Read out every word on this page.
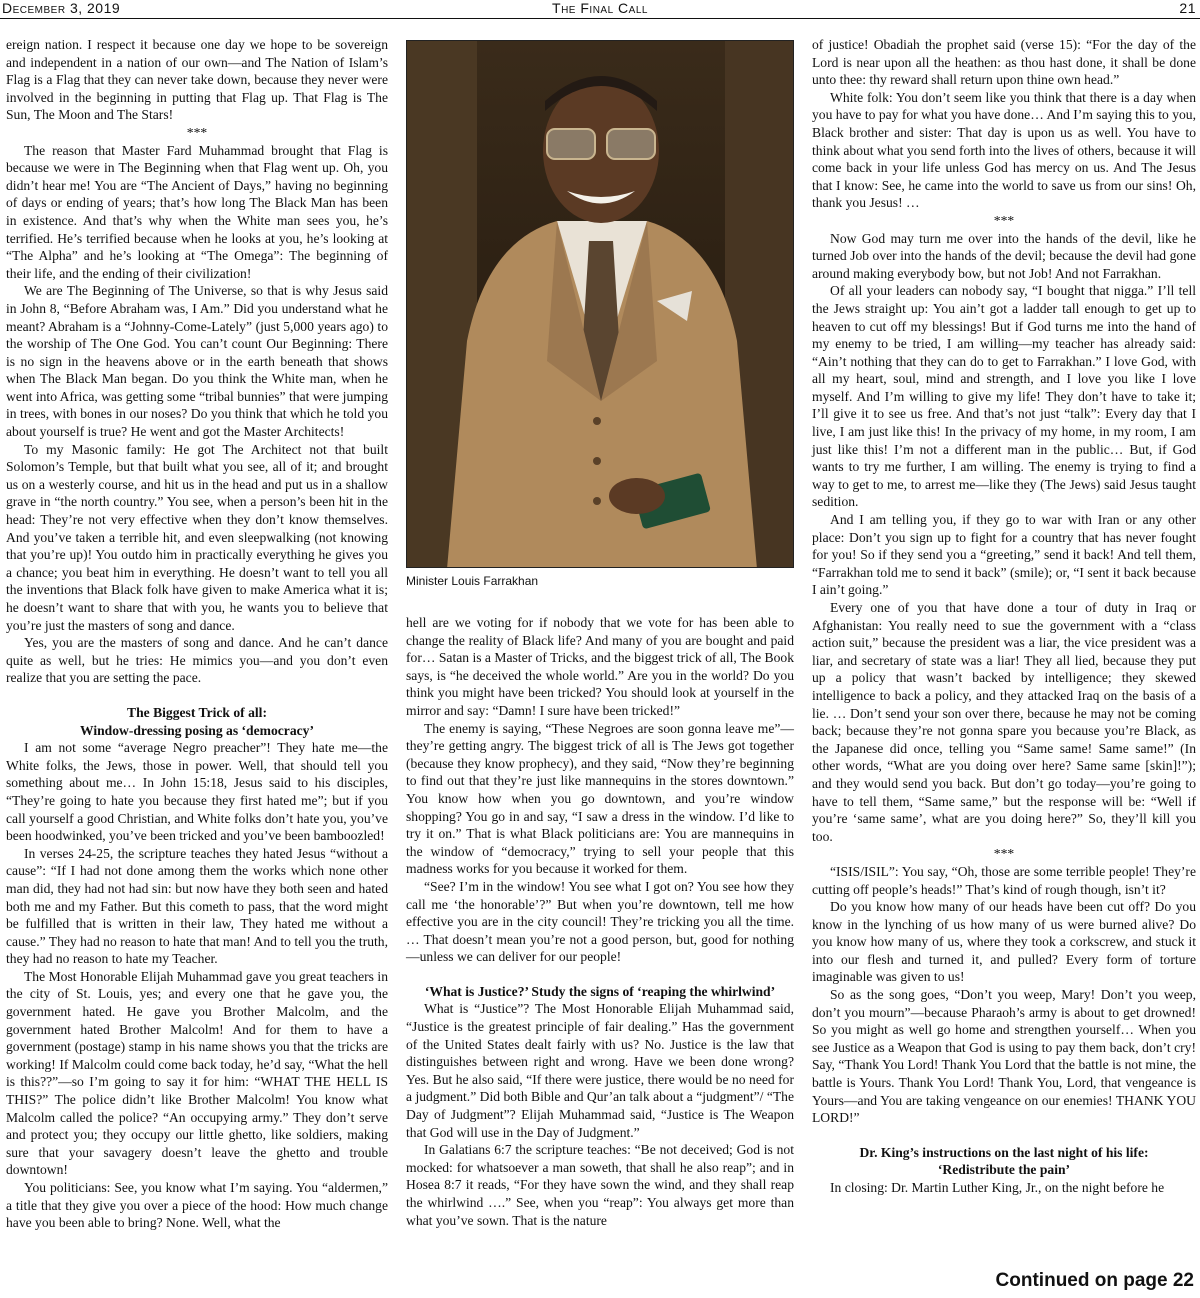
December 3, 2019	The Final Call	21

ereign nation. I respect it because one day we hope to be sovereign and independent in a nation of our own—and The Nation of Islam’s Flag is a Flag that they can never take down, because they never were involved in the beginning in putting that Flag up. That Flag is The Sun, The Moon and The Stars!

***

The reason that Master Fard Muhammad brought that Flag is because we were in The Beginning when that Flag went up. Oh, you didn’t hear me! You are “The Ancient of Days,” having no beginning of days or ending of years; that’s how long The Black Man has been in existence. And that’s why when the White man sees you, he’s terrified. He’s terrified because when he looks at you, he’s looking at “The Alpha” and he’s looking at “The Omega”: The beginning of their life, and the ending of their civilization!

We are The Beginning of The Universe, so that is why Jesus said in John 8, “Before Abraham was, I Am.” Did you understand what he meant? Abraham is a “Johnny-Come-Lately” (just 5,000 years ago) to the worship of The One God. You can’t count Our Beginning: There is no sign in the heavens above or in the earth beneath that shows when The Black Man began. Do you think the White man, when he went into Africa, was getting some “tribal bunnies” that were jumping in trees, with bones in our noses? Do you think that which he told you about yourself is true? He went and got the Master Architects!

To my Masonic family: He got The Architect not that built Solomon’s Temple, but that built what you see, all of it; and brought us on a westerly course, and hit us in the head and put us in a shallow grave in “the north country.” You see, when a person’s been hit in the head: They’re not very effective when they don’t know themselves. And you’ve taken a terrible hit, and even sleepwalking (not knowing that you’re up)! You outdo him in practically everything he gives you a chance; you beat him in everything. He doesn’t want to tell you all the inventions that Black folk have given to make America what it is; he doesn’t want to share that with you, he wants you to believe that you’re just the masters of song and dance.

Yes, you are the masters of song and dance. And he can’t dance quite as well, but he tries: He mimics you—and you don’t even realize that you are setting the pace.

The Biggest Trick of all:

Window-dressing posing as ‘democracy’

I am not some “average Negro preacher”! They hate me—the White folks, the Jews, those in power. Well, that should tell you something about me… In John 15:18, Jesus said to his disciples, “They’re going to hate you because they first hated me”; but if you call yourself a good Christian, and White folks don’t hate you, you’ve been hoodwinked, you’ve been tricked and you’ve been bamboozled!

In verses 24-25, the scripture teaches they hated Jesus “without a cause”: “If I had not done among them the works which none other man did, they had not had sin: but now have they both seen and hated both me and my Father. But this cometh to pass, that the word might be fulfilled that is written in their law, They hated me without a cause.” They had no reason to hate that man! And to tell you the truth, they had no reason to hate my Teacher.

The Most Honorable Elijah Muhammad gave you great teachers in the city of St. Louis, yes; and every one that he gave you, the government hated. He gave you Brother Malcolm, and the government hated Brother Malcolm! And for them to have a government (postage) stamp in his name shows you that the tricks are working! If Malcolm could come back today, he’d say, “What the hell is this??”—so I’m going to say it for him: “WHAT THE HELL IS THIS?” The police didn’t like Brother Malcolm! You know what Malcolm called the police? “An occupying army.” They don’t serve and protect you; they occupy our little ghetto, like soldiers, making sure that your savagery doesn’t leave the ghetto and trouble downtown!

You politicians: See, you know what I’m saying. You “aldermen,” a title that they give you over a piece of the hood: How much change have you been able to bring? None. Well, what the

Minister Louis Farrakhan

hell are we voting for if nobody that we vote for has been able to change the reality of Black life? And many of you are bought and paid for… Satan is a Master of Tricks, and the biggest trick of all, The Book says, is “he deceived the whole world.” Are you in the world? Do you think you might have been tricked? You should look at yourself in the mirror and say: “Damn! I sure have been tricked!”

The enemy is saying, “These Negroes are soon gonna leave me”—they’re getting angry. The biggest trick of all is The Jews got together (because they know prophecy), and they said, “Now they’re beginning to find out that they’re just like mannequins in the stores downtown.” You know how when you go downtown, and you’re window shopping? You go in and say, “I saw a dress in the window. I’d like to try it on.” That is what Black politicians are: You are mannequins in the window of “democracy,” trying to sell your people that this madness works for you because it worked for them.

“See? I’m in the window! You see what I got on? You see how they call me ‘the honorable’?” But when you’re downtown, tell me how effective you are in the city council! They’re tricking you all the time. … That doesn’t mean you’re not a good person, but, good for nothing—unless we can deliver for our people!

‘What is Justice?’ Study the signs of ‘reaping the whirlwind’

What is “Justice”? The Most Honorable Elijah Muhammad said, “Justice is the greatest principle of fair dealing.” Has the government of the United States dealt fairly with us? No. Justice is the law that distinguishes between right and wrong. Have we been done wrong? Yes. But he also said, “If there were justice, there would be no need for a judgment.” Did both Bible and Qur’an talk about a “judgment”/ “The Day of Judgment”? Elijah Muhammad said, “Justice is The Weapon that God will use in the Day of Judgment.”

In Galatians 6:7 the scripture teaches: “Be not deceived; God is not mocked: for whatsoever a man soweth, that shall he also reap”; and in Hosea 8:7 it reads, “For they have sown the wind, and they shall reap the whirlwind ….” See, when you “reap”: You always get more than what you’ve sown. That is the nature

of justice! Obadiah the prophet said (verse 15): “For the day of the Lord is near upon all the heathen: as thou hast done, it shall be done unto thee: thy reward shall return upon thine own head.”

White folk: You don’t seem like you think that there is a day when you have to pay for what you have done… And I’m saying this to you, Black brother and sister: That day is upon us as well. You have to think about what you send forth into the lives of others, because it will come back in your life unless God has mercy on us. And The Jesus that I know: See, he came into the world to save us from our sins! Oh, thank you Jesus! …

***

Now God may turn me over into the hands of the devil, like he turned Job over into the hands of the devil; because the devil had gone around making everybody bow, but not Job! And not Farrakhan.

Of all your leaders can nobody say, “I bought that nigga.” I’ll tell the Jews straight up: You ain’t got a ladder tall enough to get up to heaven to cut off my blessings! But if God turns me into the hand of my enemy to be tried, I am willing—my teacher has already said: “Ain’t nothing that they can do to get to Farrakhan.” I love God, with all my heart, soul, mind and strength, and I love you like I love myself. And I’m willing to give my life! They don’t have to take it; I’ll give it to see us free. And that’s not just “talk”: Every day that I live, I am just like this! In the privacy of my home, in my room, I am just like this! I’m not a different man in the public… But, if God wants to try me further, I am willing. The enemy is trying to find a way to get to me, to arrest me—like they (The Jews) said Jesus taught sedition.

And I am telling you, if they go to war with Iran or any other place: Don’t you sign up to fight for a country that has never fought for you! So if they send you a “greeting,” send it back! And tell them, “Farrakhan told me to send it back” (smile); or, “I sent it back because I ain’t going.”

Every one of you that have done a tour of duty in Iraq or Afghanistan: You really need to sue the government with a “class action suit,” because the president was a liar, the vice president was a liar, and secretary of state was a liar! They all lied, because they put up a policy that wasn’t backed by intelligence; they skewed intelligence to back a policy, and they attacked Iraq on the basis of a lie. … Don’t send your son over there, because he may not be coming back; because they’re not gonna spare you because you’re Black, as the Japanese did once, telling you “Same same! Same same!” (In other words, “What are you doing over here? Same same [skin]!”); and they would send you back. But don’t go today—you’re going to have to tell them, “Same same,” but the response will be: “Well if you’re ‘same same’, what are you doing here?” So, they’ll kill you too.

***

“ISIS/ISIL”: You say, “Oh, those are some terrible people! They’re cutting off people’s heads!” That’s kind of rough though, isn’t it?

Do you know how many of our heads have been cut off? Do you know in the lynching of us how many of us were burned alive? Do you know how many of us, where they took a corkscrew, and stuck it into our flesh and turned it, and pulled? Every form of torture imaginable was given to us!

So as the song goes, “Don’t you weep, Mary! Don’t you weep, don’t you mourn”—because Pharaoh’s army is about to get drowned! So you might as well go home and strengthen yourself… When you see Justice as a Weapon that God is using to pay them back, don’t cry! Say, “Thank You Lord! Thank You Lord that the battle is not mine, the battle is Yours. Thank You Lord! Thank You, Lord, that vengeance is Yours—and You are taking vengeance on our enemies! THANK YOU LORD!”

Dr. King’s instructions on the last night of his life:

‘Redistribute the pain’

In closing: Dr. Martin Luther King, Jr., on the night before he

Continued on page 22
